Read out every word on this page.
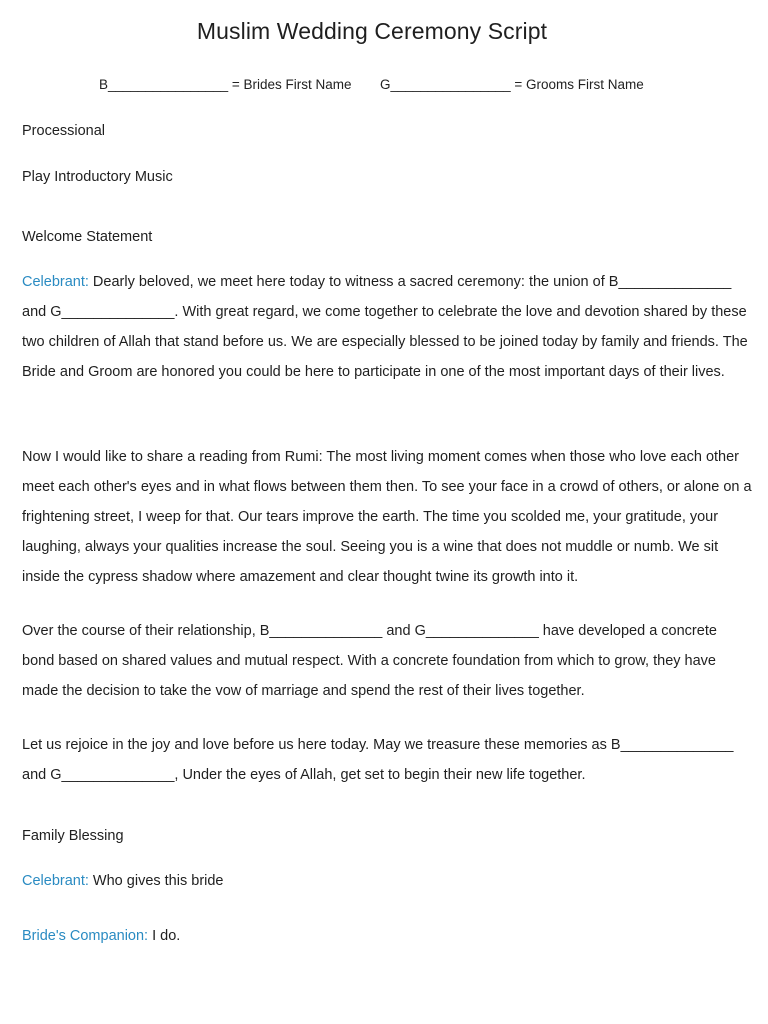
Muslim Wedding Ceremony Script
B________________ = Brides First Name G________________ = Grooms First Name

Processional

Play Introductory Music

Welcome Statement

Celebrant: Dearly beloved, we meet here today to witness a sacred ceremony: the union of B______________ and G______________. With great regard, we come together to celebrate the love and devotion shared by these two children of Allah that stand before us. We are especially blessed to be joined today by family and friends. The Bride and Groom are honored you could be here to participate in one of the most important days of their lives.

Now I would like to share a reading from Rumi: The most living moment comes when those who love each other meet each other's eyes and in what flows between them then. To see your face in a crowd of others, or alone on a frightening street, I weep for that. Our tears improve the earth. The time you scolded me, your gratitude, your laughing, always your qualities increase the soul. Seeing you is a wine that does not muddle or numb. We sit inside the cypress shadow where amazement and clear thought twine its growth into it.

Over the course of their relationship, B______________ and G______________ have developed a concrete bond based on shared values and mutual respect. With a concrete foundation from which to grow, they have made the decision to take the vow of marriage and spend the rest of their lives together.

Let us rejoice in the joy and love before us here today. May we treasure these memories as B______________ and G______________, Under the eyes of Allah, get set to begin their new life together.

Family Blessing

Celebrant: Who gives this bride

Bride's Companion: I do.
